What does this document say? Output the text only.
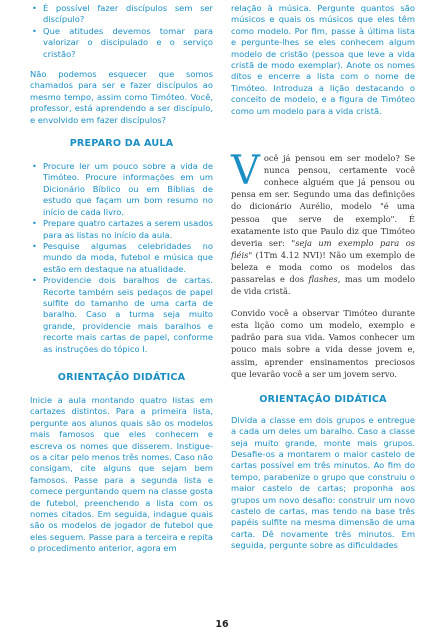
• É possível fazer discípulos sem ser discípulo?
• Que atitudes devemos tomar para valorizar o discipulado e o serviço cristão?

Não podemos esquecer que somos chamados para ser e fazer discípulos ao mesmo tempo, assim como Timóteo. Você, professor, está aprendendo a ser discípulo, e envolvido em fazer discípulos?

PREPARO DA AULA
• Procure ler um pouco sobre a vida de Timóteo. Procure informações em um Dicionário Bíblico ou em Bíblias de estudo que façam um bom resumo no início de cada livro.
• Prepare quatro cartazes a serem usados para as listas no início da aula.
• Pesquise algumas celebridades no mundo da moda, futebol e música que estão em destaque na atualidade.
• Providencie dois baralhos de cartas. Recorte também seis pedaços de papel sulfite do tamanho de uma carta de baralho. Caso a turma seja muito grande, providencie mais baralhos e recorte mais cartas de papel, conforme as instruções do tópico I.
ORIENTAÇÃO DIDÁTICA

Inicie a aula montando quatro listas em cartazes distintos. Para a primeira lista, pergunte aos alunos quais são os modelos mais famosos que eles conhecem e escreva os nomes que disserem. Instigue-os a citar pelo menos três nomes. Caso não consigam, cite alguns que sejam bem famosos. Passe para a segunda lista e comece perguntando quem na classe gosta de futebol, preenchendo a lista com os nomes citados. Em seguida, indague quais são os modelos de jogador de futebol que eles seguem. Passe para a terceira e repita o procedimento anterior, agora em

relação à música. Pergunte quantos são músicos e quais os músicos que eles têm como modelo. Por fim, passe à última lista e pergunte-lhes se eles conhecem algum modelo de cristão (pessoa que leve a vida cristã de modo exemplar). Anote os nomes ditos e encerre a lista com o nome de Timóteo. Introduza a lição destacando o conceito de modelo, e a figura de Timóteo como um modelo para a vida cristã.

Você já pensou em ser modelo? Se nunca pensou, certamente você conhece alguém que já pensou ou pensa em ser. Segundo uma das definições do dicionário Aurélio, modelo "é uma pessoa que serve de exemplo". É exatamente isto que Paulo diz que Timóteo deveria ser: "seja um exemplo para os fiéis" (1Tm 4.12 NVI)! Não um exemplo de beleza e moda como os modelos das passarelas e dos flashes, mas um modelo de vida cristã.

Convido você a observar Timóteo durante esta lição como um modelo, exemplo e padrão para sua vida. Vamos conhecer um pouco mais sobre a vida desse jovem e, assim, aprender ensinamentos preciosos que levarão você a ser um jovem servo.

ORIENTAÇÃO DIDÁTICA

Divida a classe em dois grupos e entregue a cada um deles um baralho. Caso a classe seja muito grande, monte mais grupos. Desafie-os a montarem o maior castelo de cartas possível em três minutos. Ao fim do tempo, parabenize o grupo que construiu o maior castelo de cartas; proponha aos grupos um novo desafio: construir um novo castelo de cartas, mas tendo na base três papéis sulfite na mesma dimensão de uma carta. Dê novamente três minutos. Em seguida, pergunte sobre as dificuldades

16
